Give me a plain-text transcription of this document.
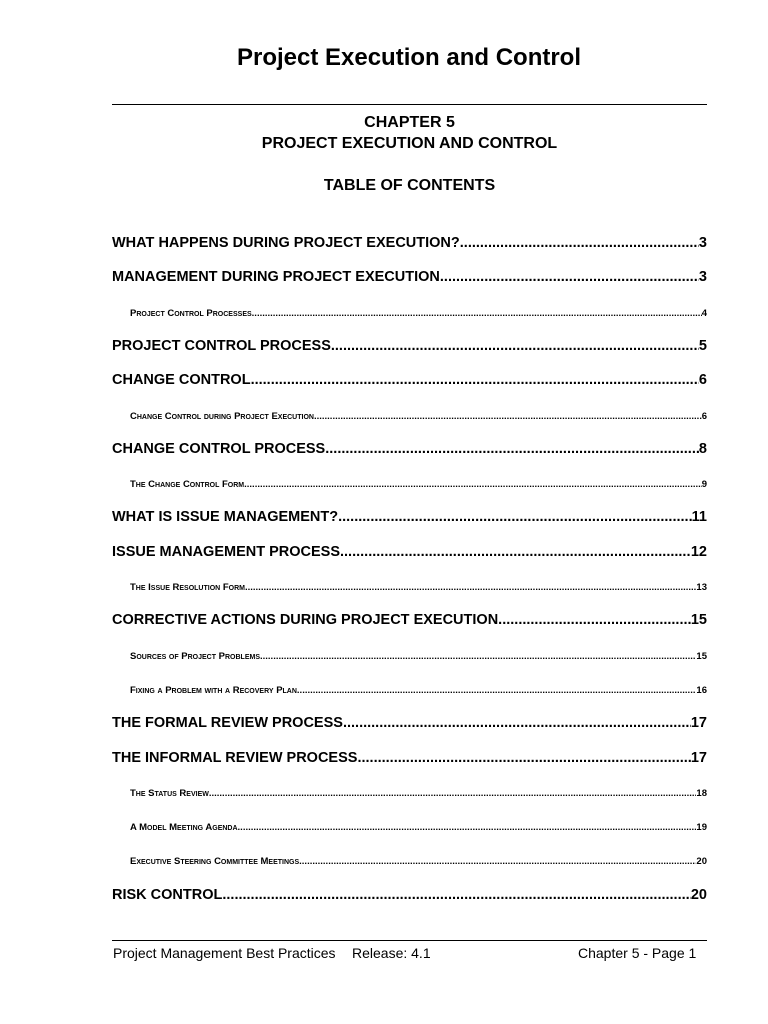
Project Execution and Control
CHAPTER 5
PROJECT EXECUTION AND CONTROL
TABLE OF CONTENTS
WHAT HAPPENS DURING PROJECT EXECUTION? .....	3
MANAGEMENT DURING PROJECT EXECUTION .....	3
Project Control Processes .....	4
PROJECT CONTROL PROCESS .....	5
CHANGE CONTROL .....	6
Change Control during Project Execution .....	6
CHANGE CONTROL PROCESS .....	8
The Change Control Form .....	9
WHAT IS ISSUE MANAGEMENT? .....	11
ISSUE MANAGEMENT PROCESS .....	12
The Issue Resolution Form .....	13
CORRECTIVE ACTIONS DURING PROJECT EXECUTION .....	15
Sources of Project Problems .....	15
Fixing a Problem with a Recovery Plan .....	16
THE FORMAL REVIEW PROCESS .....	17
THE INFORMAL REVIEW PROCESS .....	17
The Status Review .....	18
A Model Meeting Agenda .....	19
Executive Steering Committee Meetings .....	20
RISK CONTROL .....	20
Project Management Best Practices Release: 4.1	Chapter 5 - Page 1
